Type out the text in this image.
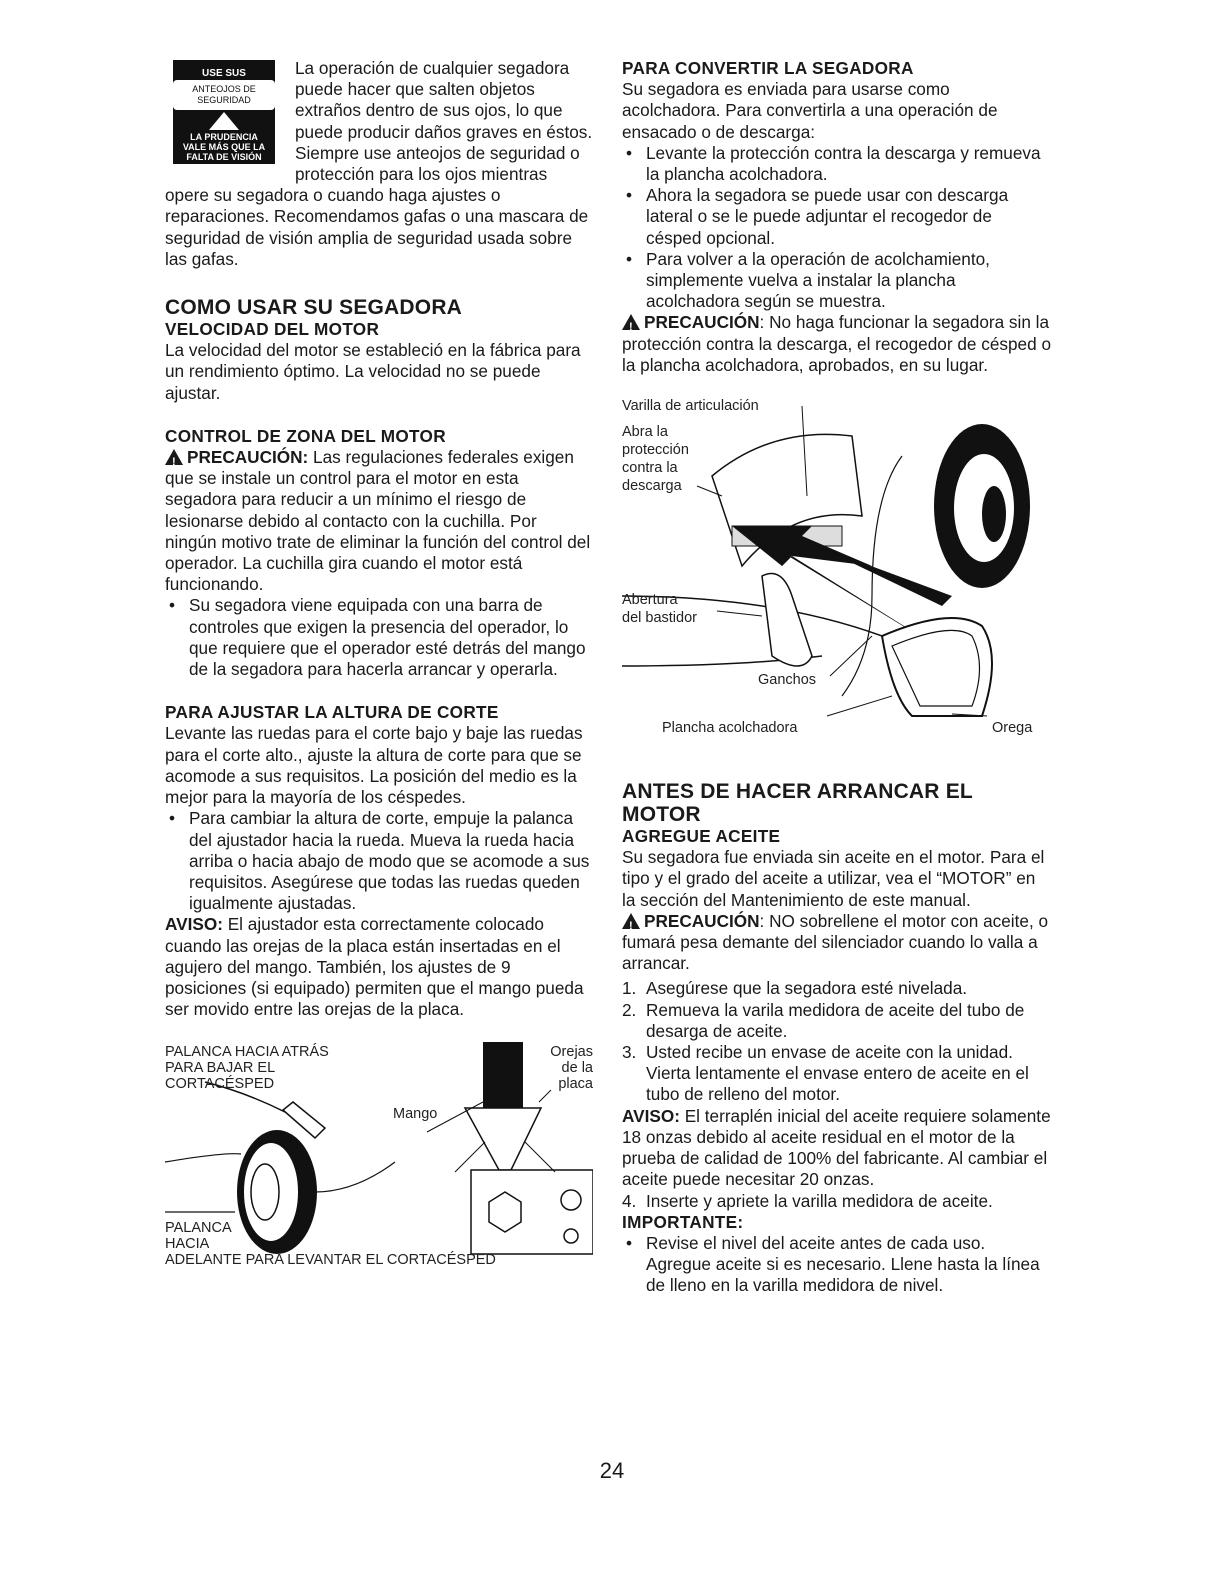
USE SUS
ANTEOJOS DE
SEGURIDAD
LA PRUDENCIA
VALE MÁS QUE LA
FALTA DE VISIÓN

La operación de cualquier segadora puede hacer que salten objetos extraños dentro de sus ojos, lo que puede producir daños graves en éstos. Siempre use anteojos de seguridad o protección para los ojos mientras opere su segadora o cuando haga ajustes o reparaciones. Recomendamos gafas o una mascara de seguridad de visión amplia de seguridad usada sobre las gafas.

COMO USAR SU SEGADORA
VELOCIDAD DEL MOTOR

La velocidad del motor se estableció en la fábrica para un rendimiento óptimo. La velocidad no se puede ajustar.

CONTROL DE ZONA DEL MOTOR

!PRECAUCIÓN: Las regulaciones federales exigen que se instale un control para el motor en esta segadora para reducir a un mínimo el riesgo de lesionarse debido al contacto con la cuchilla. Por ningún motivo trate de eliminar la función del control del operador. La cuchilla gira cuando el motor está funcionando.

• Su segadora viene equipada con una barra de controles que exigen la presencia del operador, lo que requiere que el operador esté detrás del mango de la segadora para hacerla arrancar y operarla.
PARA AJUSTAR LA ALTURA DE CORTE

Levante las ruedas para el corte bajo y baje las ruedas para el corte alto., ajuste la altura de corte para que se acomode a sus requisitos. La posición del medio es la mejor para la mayoría de los céspedes.

• Para cambiar la altura de corte, empuje la palanca del ajustador hacia la rueda. Mueva la rueda hacia arriba o hacia abajo de modo que se acomode a sus requisitos. Asegúrese que todas las ruedas queden igualmente ajustadas.

AVISO: El ajustador esta correctamente colocado cuando las orejas de la placa están insertadas en el agujero del mango. También, los ajustes de 9 posiciones (si equipado) permiten que el mango pueda ser movido entre las orejas de la placa.

PALANCA HACIA ATRÁS
PARA BAJAR EL
CORTACÉSPED
Orejas
de la
placa
Mango
PALANCA
HACIA
ADELANTE PARA LEVANTAR EL CORTACÉSPED
PARA CONVERTIR LA SEGADORA

Su segadora es enviada para usarse como acolchadora. Para convertirla a una operación de ensacado o de descarga:

• Levante la protección contra la descarga y remueva la plancha acolchadora.
• Ahora la segadora se puede usar con descarga lateral o se le puede adjuntar el recogedor de césped opcional.
• Para volver a la operación de acolchamiento, simplemente vuelva a instalar la plancha acolchadora según se muestra.

!PRECAUCIÓN: No haga funcionar la segadora sin la protección contra la descarga, el recogedor de césped o la plancha acolchadora, aprobados, en su lugar.

Varilla de articulación
Abra la
protección
contra la
descarga
Abertura
del bastidor
Ganchos
Plancha acolchadora	Orega
ANTES DE HACER ARRANCAR EL MOTOR
AGREGUE ACEITE

Su segadora fue enviada sin aceite en el motor. Para el tipo y el grado del aceite a utilizar, vea el “MOTOR” en la sección del Mantenimiento de este manual.

!PRECAUCIÓN: NO sobrellene el motor con aceite, o fumará pesa demante del silenciador cuando lo valla a arrancar.

1. Asegúrese que la segadora esté nivelada.
2. Remueva la varila medidora de aceite del tubo de desarga de aceite.
3. Usted recibe un envase de aceite con la unidad. Vierta lentamente el envase entero de aceite en el tubo de relleno del motor.

AVISO: El terraplén inicial del aceite requiere solamente 18 onzas debido al aceite residual en el motor de la prueba de calidad de 100% del fabricante. Al cambiar el aceite puede necesitar 20 onzas.

4. Inserte y apriete la varilla medidora de aceite.
IMPORTANTE:
• Revise el nivel del aceite antes de cada uso. Agregue aceite si es necesario. Llene hasta la línea de lleno en la varilla medidora de nivel.
24
